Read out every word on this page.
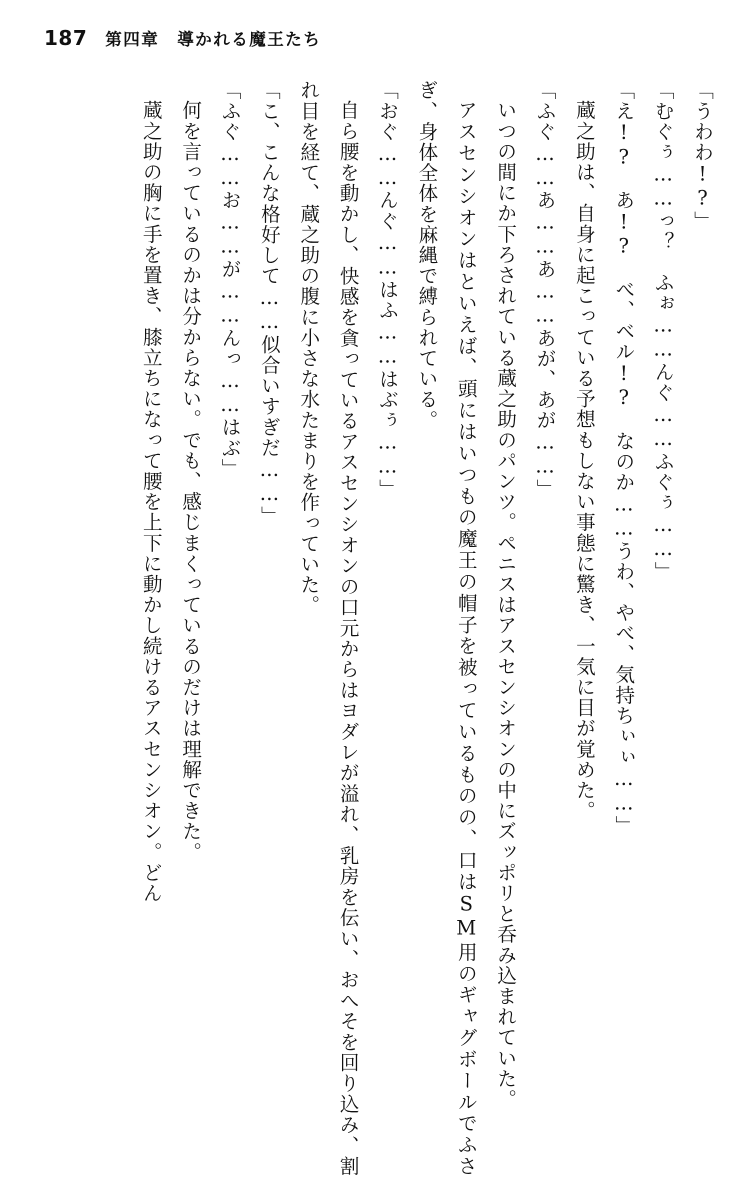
187 第四章　導かれる魔王たち

「うわわ!?」

「むぐぅ……っ？　ふぉ……んぐ……ふぐぅ……」

「え!?　あ!?　べ、ベル!?　なのか……うわ、やべ、気持ちぃぃ……」

蔵之助は、自身に起こっている予想もしない事態に驚き、一気に目が覚めた。

「ふぐ……あ……あ……あが、あが……」

いつの間にか下ろされている蔵之助のパンツ。ペニスはアスセンシオンの中にズッポリと呑み込まれていた。

アスセンシオンはといえば、頭にはいつもの魔王の帽子を被っているものの、口はSM用のギャグボールでふさぎ、身体全体を麻縄で縛られている。

「おぐ……んぐ……はふ……はぶぅ……」

自ら腰を動かし、快感を貪っているアスセンシオンの口元からはヨダレが溢れ、乳房を伝い、おへそを回り込み、割れ目を経て、蔵之助の腹に小さな水たまりを作っていた。

「こ、こんな格好して……似合いすぎだ……」

「ふぐ……お……が……んっ……はぶ」

何を言っているのかは分からない。でも、感じまくっているのだけは理解できた。

蔵之助の胸に手を置き、膝立ちになって腰を上下に動かし続けるアスセンシオン。どん
